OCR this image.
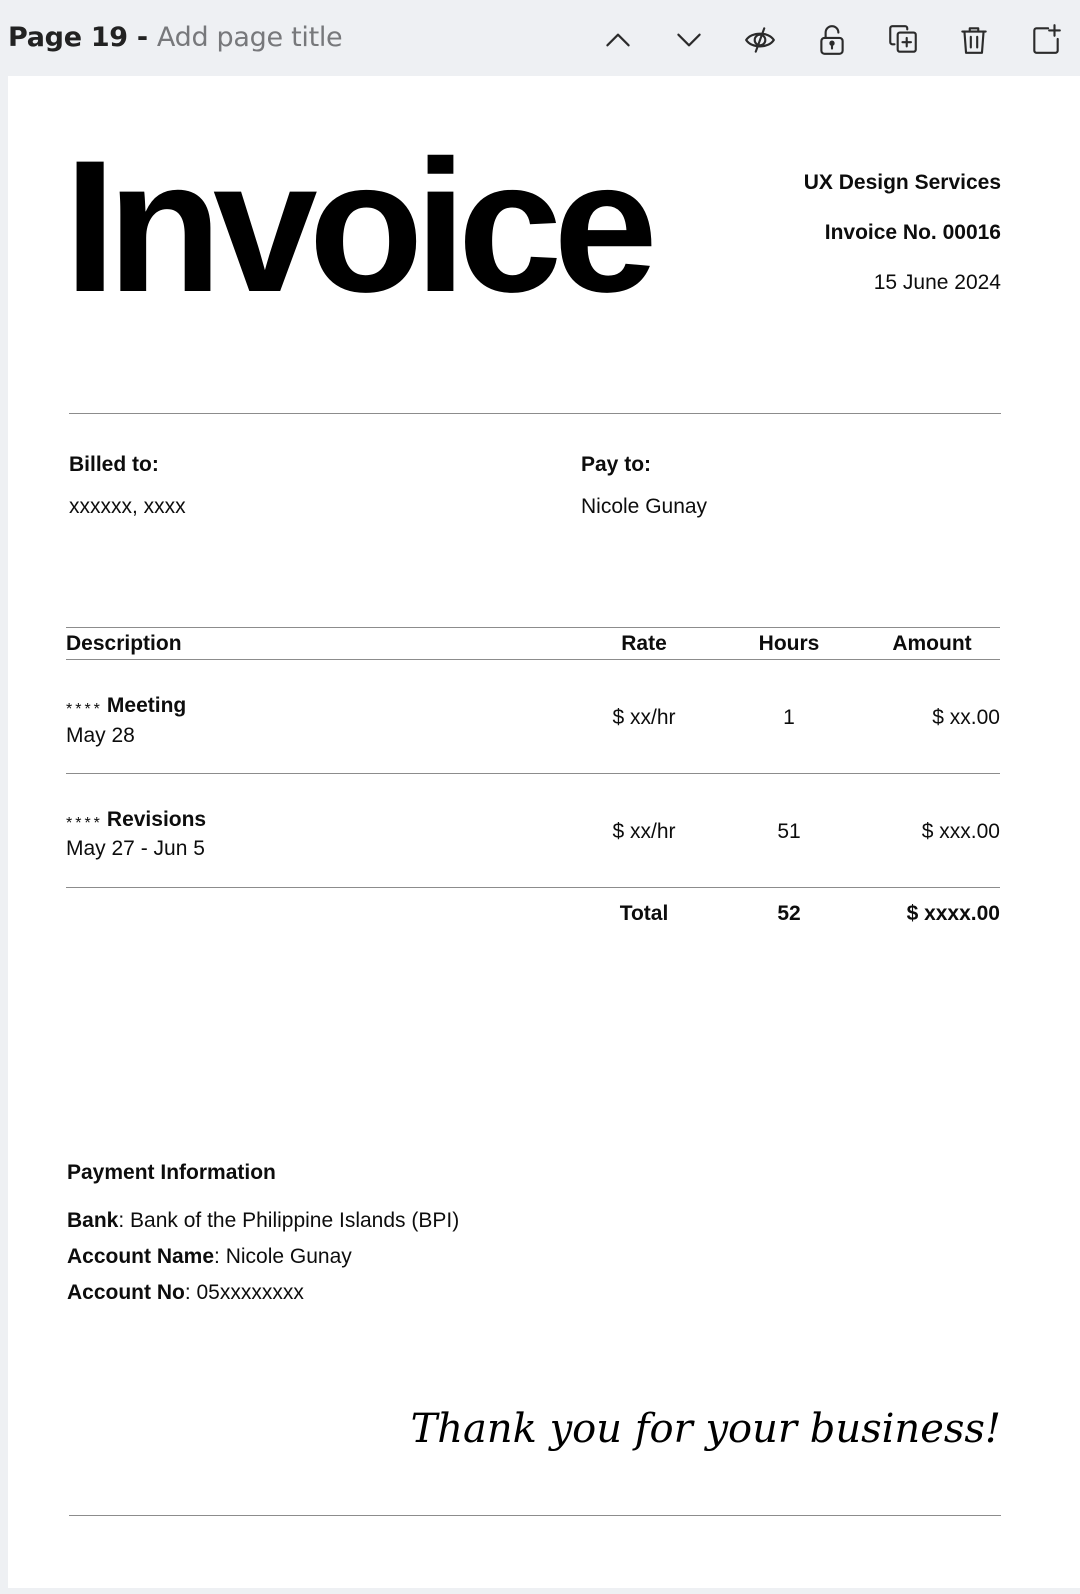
Page 19 - Add page title
Invoice	UX Design Services
Invoice No. 00016
15 June 2024
Billed to:
xxxxxx, xxxx
Pay to:
Nicole Gunay
Description	Rate	Hours	Amount
**** Meeting
May 28
$ xx/hr	1	$ xx.00
**** Revisions
May 27 - Jun 5
$ xx/hr	51	$ xxx.00
Total	52	$ xxxx.00
Payment Information
Bank: Bank of the Philippine Islands (BPI)
Account Name: Nicole Gunay
Account No: 05xxxxxxxx
Thank you for your business!
